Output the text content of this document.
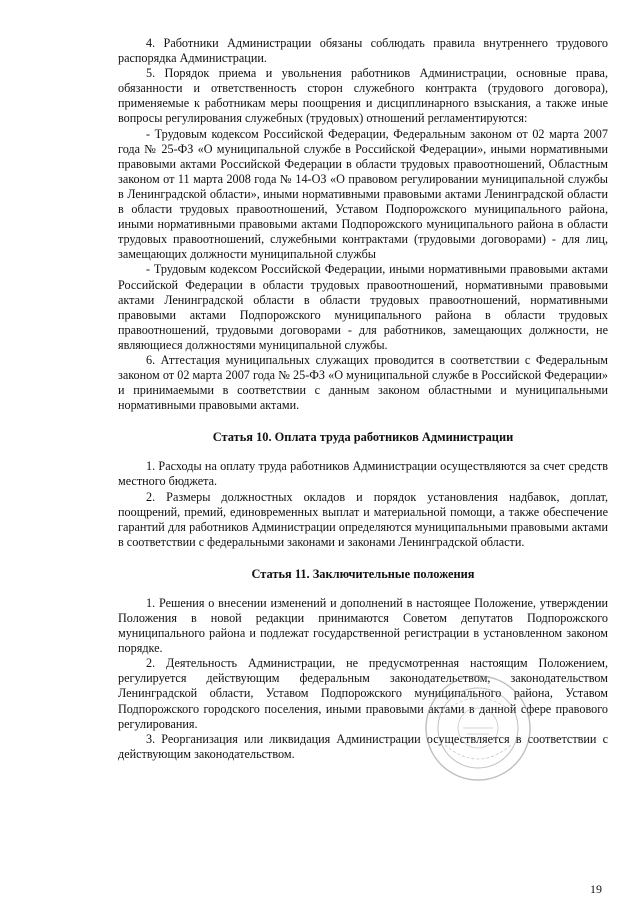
4. Работники Администрации обязаны соблюдать правила внутреннего трудового распорядка Администрации.

5. Порядок приема и увольнения работников Администрации, основные права, обязанности и ответственность сторон служебного контракта (трудового договора), применяемые к работникам меры поощрения и дисциплинарного взыскания, а также иные вопросы регулирования служебных (трудовых) отношений регламентируются:

- Трудовым кодексом Российской Федерации, Федеральным законом от 02 марта 2007 года № 25-ФЗ «О муниципальной службе в Российской Федерации», иными нормативными правовыми актами Российской Федерации в области трудовых правоотношений, Областным законом от 11 марта 2008 года № 14-ОЗ «О правовом регулировании муниципальной службы в Ленинградской области», иными нормативными правовыми актами Ленинградской области в области трудовых правоотношений, Уставом Подпорожского муниципального района, иными нормативными правовыми актами Подпорожского муниципального района в области трудовых правоотношений, служебными контрактами (трудовыми договорами) - для лиц, замещающих должности муниципальной службы

- Трудовым кодексом Российской Федерации, иными нормативными правовыми актами Российской Федерации в области трудовых правоотношений, нормативными правовыми актами Ленинградской области в области трудовых правоотношений, нормативными правовыми актами Подпорожского муниципального района в области трудовых правоотношений, трудовыми договорами - для работников, замещающих должности, не являющиеся должностями муниципальной службы.

6. Аттестация муниципальных служащих проводится в соответствии с Федеральным законом от 02 марта 2007 года № 25-ФЗ «О муниципальной службе в Российской Федерации» и принимаемыми в соответствии с данным законом областными и муниципальными нормативными правовыми актами.

Статья 10. Оплата труда работников Администрации

1. Расходы на оплату труда работников Администрации осуществляются за счет средств местного бюджета.

2. Размеры должностных окладов и порядок установления надбавок, доплат, поощрений, премий, единовременных выплат и материальной помощи, а также обеспечение гарантий для работников Администрации определяются муниципальными правовыми актами в соответствии с федеральными законами и законами Ленинградской области.

Статья 11. Заключительные положения

1. Решения о внесении изменений и дополнений в настоящее Положение, утверждении Положения в новой редакции принимаются Советом депутатов Подпорожского муниципального района и подлежат государственной регистрации в установленном законом порядке.

2. Деятельность Администрации, не предусмотренная настоящим Положением, регулируется действующим федеральным законодательством, законодательством Ленинградской области, Уставом Подпорожского муниципального района, Уставом Подпорожского городского поселения, иными правовыми актами в данной сфере правового регулирования.

3. Реорганизация или ликвидация Администрации осуществляется в соответствии с действующим законодательством.

19
